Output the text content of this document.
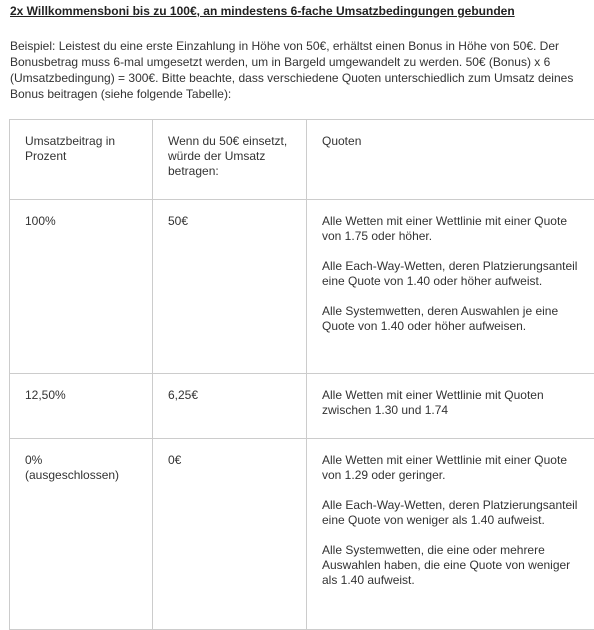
2x Willkommensboni bis zu 100€, an mindestens 6-fache Umsatzbedingungen gebunden
Beispiel: Leistest du eine erste Einzahlung in Höhe von 50€, erhältst einen Bonus in Höhe von 50€. Der Bonusbetrag muss 6-mal umgesetzt werden, um in Bargeld umgewandelt zu werden. 50€ (Bonus) x 6 (Umsatzbedingung) = 300€. Bitte beachte, dass verschiedene Quoten unterschiedlich zum Umsatz deines Bonus beitragen (siehe folgende Tabelle):
Umsatzbeitrag in Prozent	Wenn du 50€ einsetzt, würde der Umsatz betragen:	Quoten

100%	50€	Alle Wetten mit einer Wettlinie mit einer Quote von 1.75 oder höher.

Alle Each-Way-Wetten, deren Platzierungsanteil eine Quote von 1.40 oder höher aufweist.

Alle Systemwetten, deren Auswahlen je eine Quote von 1.40 oder höher aufweisen.

12,50%	6,25€	Alle Wetten mit einer Wettlinie mit Quoten zwischen 1.30 und 1.74

0% (ausgeschlossen)	0€	Alle Wetten mit einer Wettlinie mit einer Quote von 1.29 oder geringer.

Alle Each-Way-Wetten, deren Platzierungsanteil eine Quote von weniger als 1.40 aufweist.

Alle Systemwetten, die eine oder mehrere Auswahlen haben, die eine Quote von weniger als 1.40 aufweist.
